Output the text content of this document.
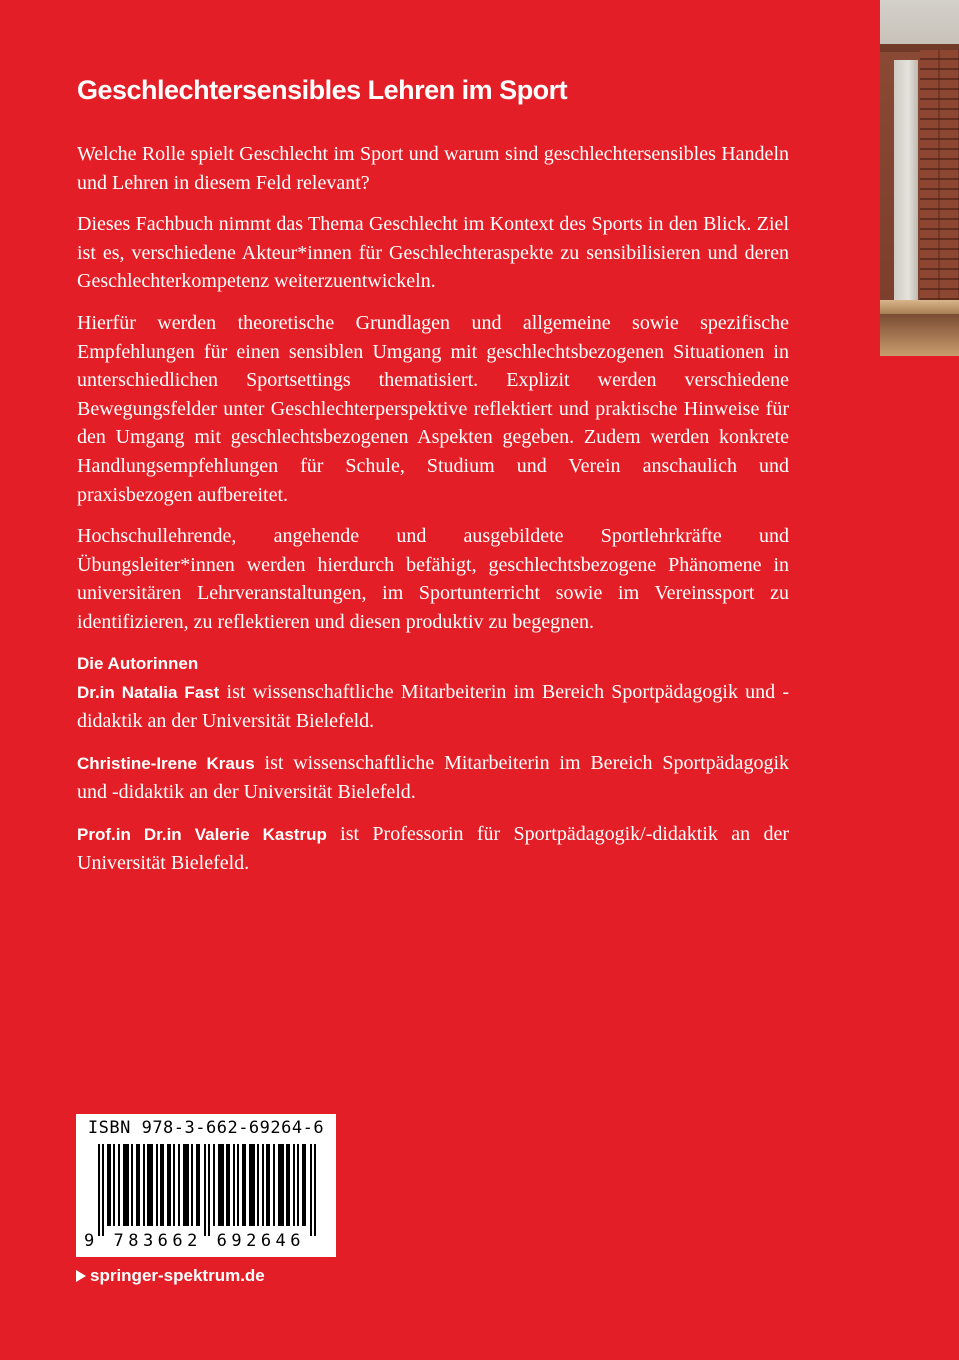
Geschlechtersensibles Lehren im Sport

Welche Rolle spielt Geschlecht im Sport und warum sind geschlechtersensibles Handeln und Lehren in diesem Feld relevant?

Dieses Fachbuch nimmt das Thema Geschlecht im Kontext des Sports in den Blick. Ziel ist es, verschiedene Akteur*innen für Geschlechteraspekte zu sensibilisieren und deren Geschlechterkompetenz weiterzuentwickeln.

Hierfür werden theoretische Grundlagen und allgemeine sowie spezifische Empfehlungen für einen sensiblen Umgang mit geschlechtsbezogenen Situationen in unterschiedlichen Sportsettings thematisiert. Explizit werden verschiedene Bewegungsfelder unter Geschlechterperspektive reflektiert und praktische Hinweise für den Umgang mit geschlechtsbezogenen Aspekten gegeben. Zudem werden konkrete Handlungsempfehlungen für Schule, Studium und Verein anschaulich und praxisbezogen aufbereitet.

Hochschullehrende, angehende und ausgebildete Sportlehrkräfte und Übungsleiter*innen werden hierdurch befähigt, geschlechtsbezogene Phänomene in universitären Lehrveranstaltungen, im Sportunterricht sowie im Vereinssport zu identifizieren, zu reflektieren und diesen produktiv zu begegnen.

Die Autorinnen

Dr.in Natalia Fast ist wissenschaftliche Mitarbeiterin im Bereich Sportpädagogik und -didaktik an der Universität Bielefeld.

Christine-Irene Kraus ist wissenschaftliche Mitarbeiterin im Bereich Sportpädagogik und -didaktik an der Universität Bielefeld.

Prof.in Dr.in Valerie Kastrup ist Professorin für Sportpädagogik/-didaktik an der Universität Bielefeld.

ISBN 978-3-662-69264-6
9 783662 692646
springer-spektrum.de
